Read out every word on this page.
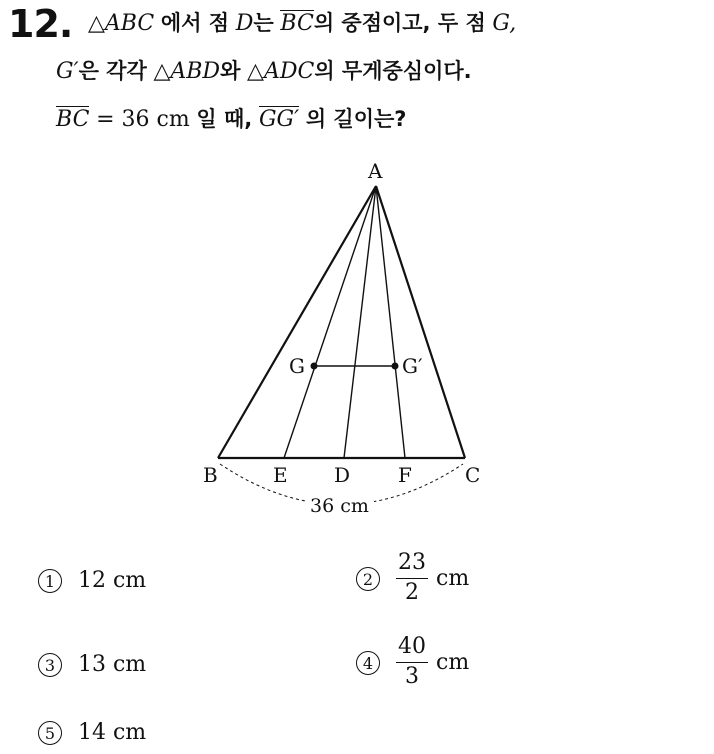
12. △ABC 에서 점 D는 BC의 중점이고, 두 점 G,
G′은 각각 △ABD와 △ADC의 무게중심이다.
BC = 36 cm 일 때, GG′ 의 길이는?
A
B	E D F	C
G	G′
36 cm
1 12 cm	$2 \frac{23}{2}$ cm
3 13 cm	$4 \frac{40}{3}$ cm
5 14 cm
